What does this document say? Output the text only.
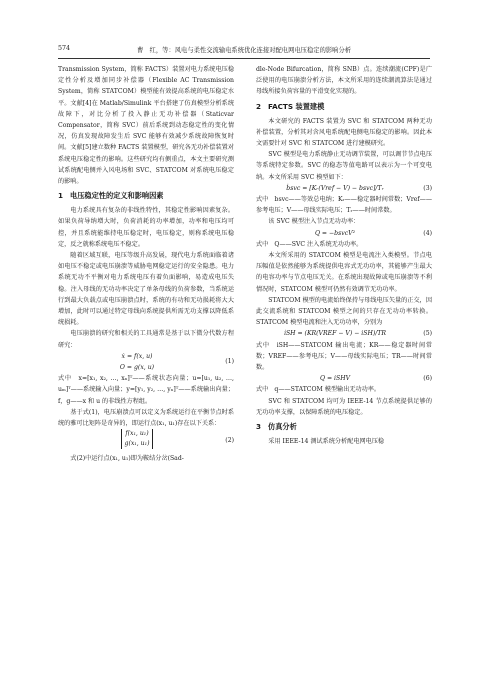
574	曹　红，等：风电与柔性交流输电系统优化连接对配电网电压稳定的影响分析

Transmission System，简称 FACTS）装置对电力系统电压稳定性分析及增加同步补偿器（Flexible AC Transmission System，简称 STATCOM）模型能有效提高系统的电压稳定水平。文献[4]在 Matlab/Simulink 平台搭建了仿真模型分析系统故障下，对比分析了投入静止无功补偿器（Staticvar Compensator，简称 SVC）前后系统到动态稳定性的变化情况，仿真发现故障发生后 SVC 能够有效减少系统故障恢复时间。文献[5]建立数种 FACTS 装置模型，研究各无功补偿装置对系统电压稳定性的影响。这些研究均有侧重点，本文主要研究测试系统配电侧并入风电场和 SVC、STATCOM 对系统电压稳定的影响。

1 电压稳定性的定义和影响因素

电力系统具有复杂的非线性特性，其稳定性影响因素复杂。如果负荷导纳增大时，负荷消耗的功率增加，功率和电压均可控，并且系统能维持电压稳定时，电压稳定，则称系统电压稳定，反之就称系统电压不稳定。

随着区域互联，电压等级升高发展，现代电力系统面临着诸如电压不稳定或电压崩溃等威胁电网稳定运行的安全隐患。电力系统无功不平衡对电力系统电压有着负面影响，易造成电压失稳。注入母线的无功功率决定了单条母线的负荷参数，当系统运行到最大负载点或电压崩溃点时，系统的有功和无功损耗将大大增加，此时可以通过特定母线向系统提供所需无功支撑以降低系统损耗。

电压崩溃的研究和相关的工具通常是基于以下微分代数方程研究：

ẋ = f(x, u)
O = g(x, u)
(1)

式中　x=[x₁, x₂, …, xₙ]ᵀ——系统状态向量；u=[u₁, u₂, …, uₘ]ᵀ——系统输入向量；y=[y₁, y₂, …, yₙ]ᵀ——系统输出向量；f，g——x 和 u 的非线性方程组。

基于式(1)，电压崩溃点可以定义为系统运行在平衡节点时系统的雅可比矩阵是奇异的，即运行点(x₁, u₁)存在以下关系：

f(x₁, u₁)
g(x₁, u₁)	(2)

式(2)中运行点(x₁, u₁)即为鞍结分岔(Sad-

dle-Node Bifurcation，简称 SNB）点。连续潮流(CPF)是广泛使用的电压崩溃分析方法，本文所采用的连续潮流算法是通过母线所接负荷容量的平滑变化实现的。

2 FACTS 装置建模

本文研究的 FACTS 装置为 SVC 和 STATCOM 两种无功补偿装置，分析其对含风电系统配电侧电压稳定的影响。因此本文需要针对 SVC 和 STATCOM 进行建模研究。

SVC 模型是电力系统静止无功调节装置，可以调节节点电压等系统特定参数。SVC 的稳态等值电路可以表示为一个可变电纳。本文所采用 SVC 模型如下：

ḃsvc = [Kᵣ(Vref − V) − bsvc]/Tᵣ	(3)

式中　bsvc——等效总电纳；Kᵣ——稳定器时间常数；Vref——参考电压；V——母线实际电压；Tᵣ——时间常数。

该 SVC 模型注入节点无功功率：

Q = −bsvcV²	(4)

式中　Q——SVC 注入系统无功功率。

本文所采用的 STATCOM 模型是电流注入类模型。节点电压幅值是依然能够为系统提供电容式无功功率，其能够产生最大的电容功率与节点电压无关。在系统出现故障或电压崩溃等不利情况时，STATCOM 模型可仍然有效调节无功功率。

STATCOM 模型的电流始终保持与母线电压矢量的正交，因此交流系统和 STATCOM 模型之间的只存在无功功率转换。STATCOM 模型电流和注入无功功率，分别为

i̇SH = (KR(VREF − V) − iSH)/TR	(5)

式中　iSH——STATCOM 输出电流；KR——稳定器时间常数；VREF——参考电压；V——母线实际电压；TR——时间常数。

Q = iSHV	(6)

式中　q——STATCOM 模型输出无功功率。

SVC 和 STATCOM 均可为 IEEE-14 节点系统提供足够的无功功率支撑，以保障系统的电压稳定。

3 仿真分析

采用 IEEE-14 测试系统分析配电网电压稳
